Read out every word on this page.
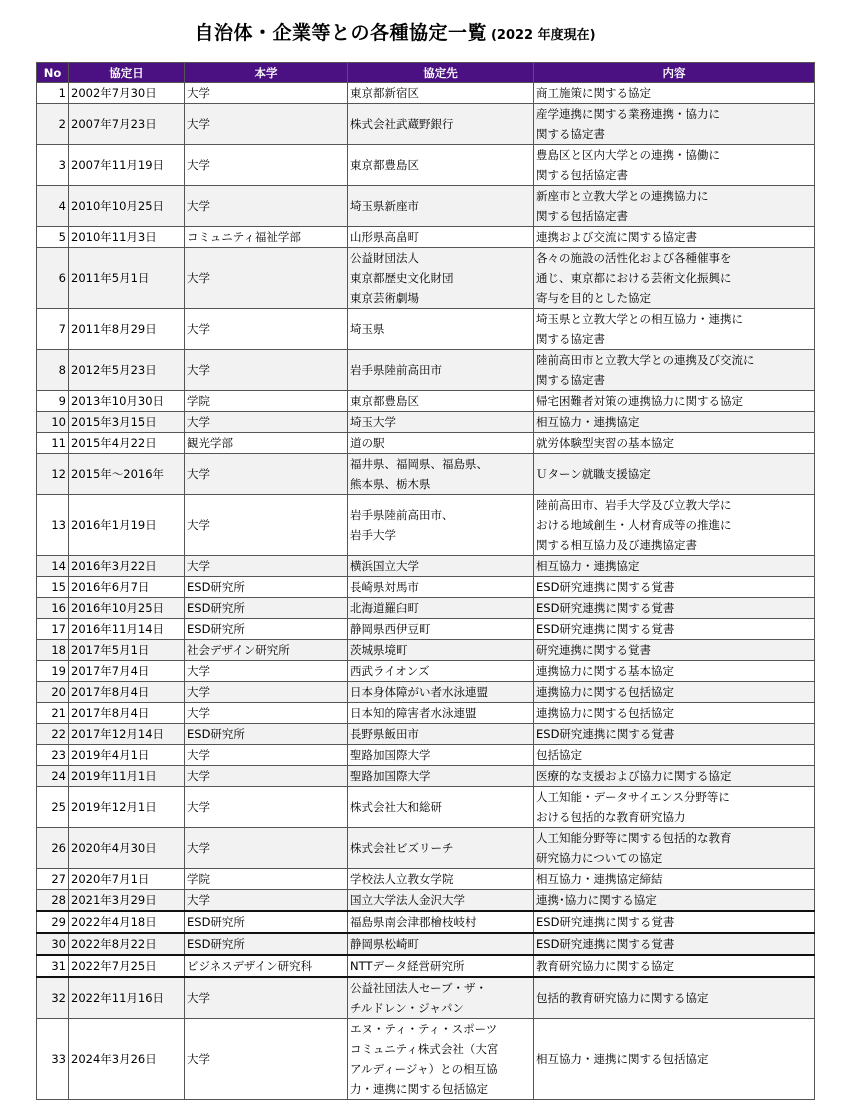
自治体・企業等との各種協定一覧 (2022 年度現在)
No	協定日	本学	協定先	内容
1	2002年7月30日	大学	東京都新宿区	商工施策に関する協定

2	2007年7月23日	大学	株式会社武蔵野銀行	産学連携に関する業務連携・協力に
関する協定書

3	2007年11月19日	大学	東京都豊島区	豊島区と区内大学との連携・協働に
関する包括協定書

4	2010年10月25日	大学	埼玉県新座市	新座市と立教大学との連携協力に
関する包括協定書

5	2010年11月3日	コミュニティ福祉学部	山形県高畠町	連携および交流に関する協定書

6	2011年5月1日	大学	公益財団法人
東京都歴史文化財団
東京芸術劇場	各々の施設の活性化および各種催事を
通じ、東京都における芸術文化振興に
寄与を目的とした協定

7	2011年8月29日	大学	埼玉県	埼玉県と立教大学との相互協力・連携に
関する協定書

8	2012年5月23日	大学	岩手県陸前高田市	陸前高田市と立教大学との連携及び交流に
関する協定書

9	2013年10月30日	学院	東京都豊島区	帰宅困難者対策の連携協力に関する協定

10	2015年3月15日	大学	埼玉大学	相互協力・連携協定

11	2015年4月22日	観光学部	道の駅	就労体験型実習の基本協定

12	2015年～2016年	大学	福井県、福岡県、福島県、
熊本県、栃木県	Ｕターン就職支援協定

13	2016年1月19日	大学	岩手県陸前高田市、
岩手大学	陸前高田市、岩手大学及び立教大学に
おける地域創生・人材育成等の推進に
関する相互協力及び連携協定書

14	2016年3月22日	大学	横浜国立大学	相互協力・連携協定

15	2016年6月7日	ESD研究所	長崎県対馬市	ESD研究連携に関する覚書

16	2016年10月25日	ESD研究所	北海道羅臼町	ESD研究連携に関する覚書

17	2016年11月14日	ESD研究所	静岡県西伊豆町	ESD研究連携に関する覚書

18	2017年5月1日	社会デザイン研究所	茨城県境町	研究連携に関する覚書

19	2017年7月4日	大学	西武ライオンズ	連携協力に関する基本協定

20	2017年8月4日	大学	日本身体障がい者水泳連盟	連携協力に関する包括協定

21	2017年8月4日	大学	日本知的障害者水泳連盟	連携協力に関する包括協定

22	2017年12月14日	ESD研究所	長野県飯田市	ESD研究連携に関する覚書

23	2019年4月1日	大学	聖路加国際大学	包括協定

24	2019年11月1日	大学	聖路加国際大学	医療的な支援および協力に関する協定

25	2019年12月1日	大学	株式会社大和総研	人工知能・データサイエンス分野等に
おける包括的な教育研究協力

26	2020年4月30日	大学	株式会社ビズリーチ	人工知能分野等に関する包括的な教育
研究協力についての協定

27	2020年7月1日	学院	学校法人立教女学院	相互協力・連携協定締結

28	2021年3月29日	大学	国立大学法人金沢大学	連携･協力に関する協定

29	2022年4月18日	ESD研究所	福島県南会津郡檜枝岐村	ESD研究連携に関する覚書

30	2022年8月22日	ESD研究所	静岡県松崎町	ESD研究連携に関する覚書

31	2022年7月25日	ビジネスデザイン研究科	NTTデータ経営研究所	教育研究協力に関する協定

32	2022年11月16日	大学	公益社団法人セーブ・ザ・
チルドレン・ジャパン	包括的教育研究協力に関する協定

33	2024年3月26日	大学	エヌ・ティ・ティ・スポーツ
コミュニティ株式会社（大宮
アルディージャ）との相互協
力・連携に関する包括協定	相互協力・連携に関する包括協定
